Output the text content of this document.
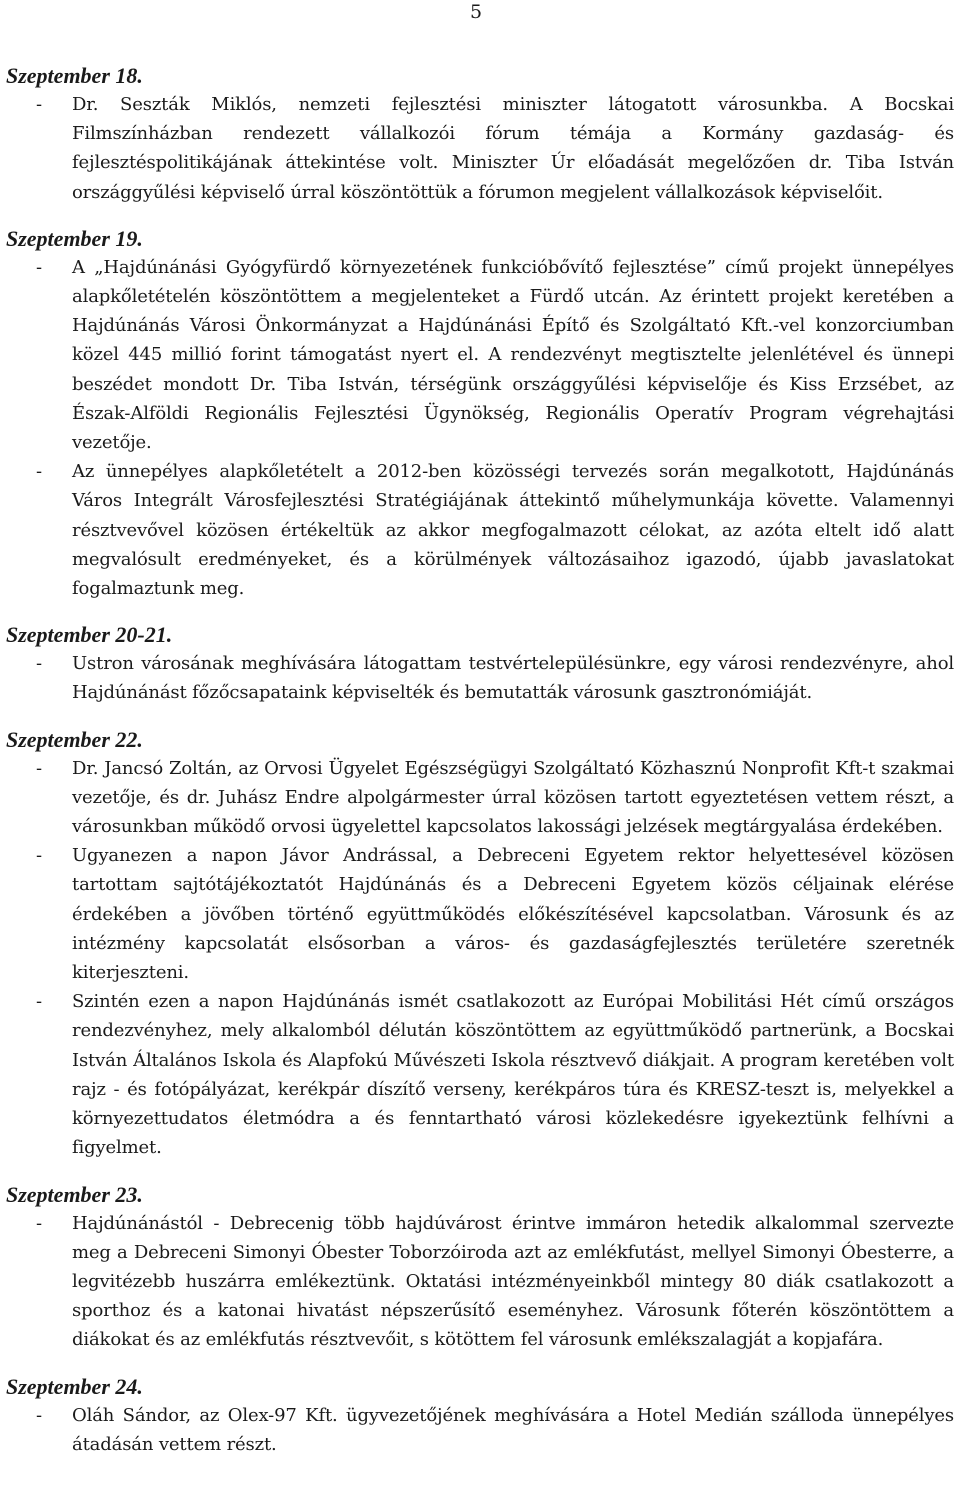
5

Szeptember 18.

-	Dr. Seszták Miklós, nemzeti fejlesztési miniszter látogatott városunkba. A Bocskai Filmszínházban rendezett vállalkozói fórum témája a Kormány gazdaság- és fejlesztéspolitikájának áttekintése volt. Miniszter Úr előadását megelőzően dr. Tiba István országgyűlési képviselő úrral köszöntöttük a fórumon megjelent vállalkozások képviselőit.

Szeptember 19.

-	A „Hajdúnánási Gyógyfürdő környezetének funkcióbővítő fejlesztése” című projekt ünnepélyes alapkőletételén köszöntöttem a megjelenteket a Fürdő utcán. Az érintett projekt keretében a Hajdúnánás Városi Önkormányzat a Hajdúnánási Építő és Szolgáltató Kft.-vel konzorciumban közel 445 millió forint támogatást nyert el. A rendezvényt megtisztelte jelenlétével és ünnepi beszédet mondott Dr. Tiba István, térségünk országgyűlési képviselője és Kiss Erzsébet, az Észak-Alföldi Regionális Fejlesztési Ügynökség, Regionális Operatív Program végrehajtási vezetője.
-	Az ünnepélyes alapkőletételt a 2012-ben közösségi tervezés során megalkotott, Hajdúnánás Város Integrált Városfejlesztési Stratégiájának áttekintő műhelymunkája követte. Valamennyi résztvevővel közösen értékeltük az akkor megfogalmazott célokat, az azóta eltelt idő alatt megvalósult eredményeket, és a körülmények változásaihoz igazodó, újabb javaslatokat fogalmaztunk meg.

Szeptember 20-21.

-	Ustron városának meghívására látogattam testvértelepülésünkre, egy városi rendezvényre, ahol Hajdúnánást főzőcsapataink képviselték és bemutatták városunk gasztronómiáját.

Szeptember 22.

-	Dr. Jancsó Zoltán, az Orvosi Ügyelet Egészségügyi Szolgáltató Közhasznú Nonprofit Kft-t szakmai vezetője, és dr. Juhász Endre alpolgármester úrral közösen tartott egyeztetésen vettem részt, a városunkban működő orvosi ügyelettel kapcsolatos lakossági jelzések megtárgyalása érdekében.
-	Ugyanezen a napon Jávor Andrással, a Debreceni Egyetem rektor helyettesével közösen tartottam sajtótájékoztatót Hajdúnánás és a Debreceni Egyetem közös céljainak elérése érdekében a jövőben történő együttműködés előkészítésével kapcsolatban. Városunk és az intézmény kapcsolatát elsősorban a város- és gazdaságfejlesztés területére szeretnék kiterjeszteni.
-	Szintén ezen a napon Hajdúnánás ismét csatlakozott az Európai Mobilitási Hét című országos rendezvényhez, mely alkalomból délután köszöntöttem az együttműködő partnerünk, a Bocskai István Általános Iskola és Alapfokú Művészeti Iskola résztvevő diákjait. A program keretében volt rajz - és fotópályázat, kerékpár díszítő verseny, kerékpáros túra és KRESZ-teszt is, melyekkel a környezettudatos életmódra a és fenntartható városi közlekedésre igyekeztünk felhívni a figyelmet.

Szeptember 23.

-	Hajdúnánástól - Debrecenig több hajdúvárost érintve immáron hetedik alkalommal szervezte meg a Debreceni Simonyi Óbester Toborzóiroda azt az emlékfutást, mellyel Simonyi Óbesterre, a legvitézebb huszárra emlékeztünk. Oktatási intézményeinkből mintegy 80 diák csatlakozott a sporthoz és a katonai hivatást népszerűsítő eseményhez. Városunk főterén köszöntöttem a diákokat és az emlékfutás résztvevőit, s kötöttem fel városunk emlékszalagját a kopjafára.

Szeptember 24.

-	Oláh Sándor, az Olex-97 Kft. ügyvezetőjének meghívására a Hotel Medián szálloda ünnepélyes átadásán vettem részt.
